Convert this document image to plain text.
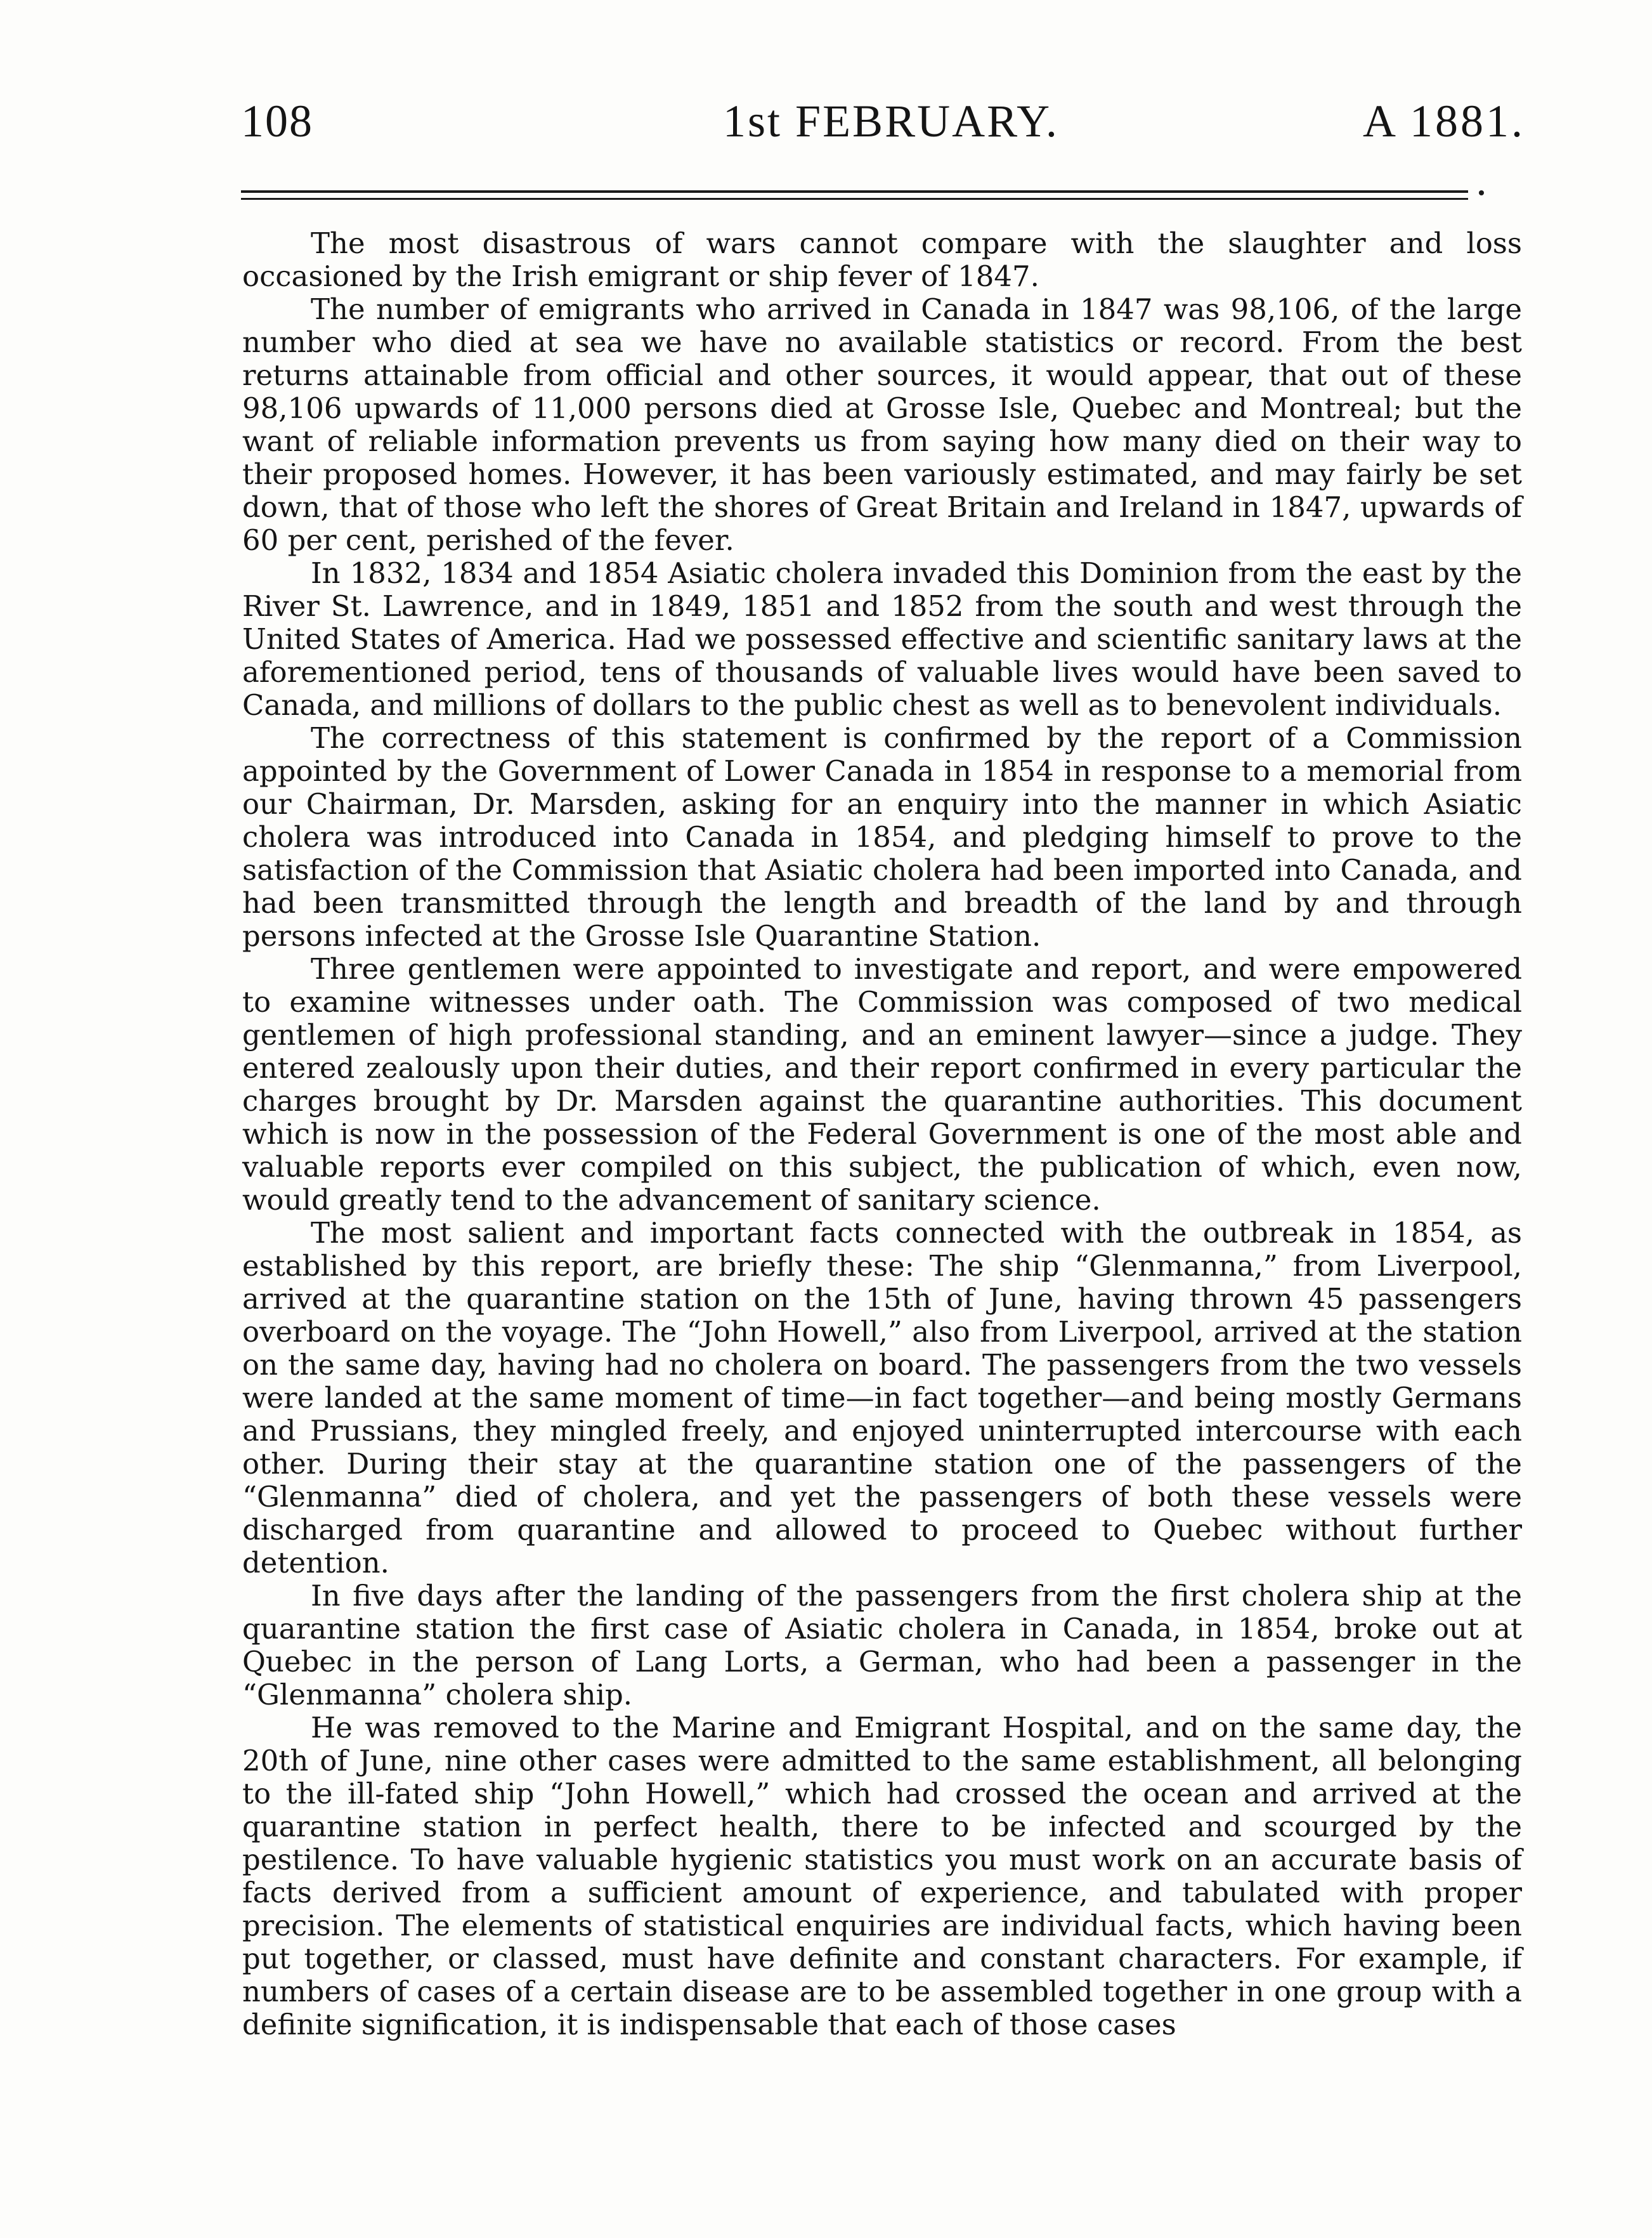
108	1st FEBRUARY.	A 1881.

The most disastrous of wars cannot compare with the slaughter and loss occasioned by the Irish emigrant or ship fever of 1847.

The number of emigrants who arrived in Canada in 1847 was 98,106, of the large number who died at sea we have no available statistics or record. From the best returns attainable from official and other sources, it would appear, that out of these 98,106 upwards of 11,000 persons died at Grosse Isle, Quebec and Montreal; but the want of reliable information prevents us from saying how many died on their way to their proposed homes. However, it has been variously estimated, and may fairly be set down, that of those who left the shores of Great Britain and Ireland in 1847, upwards of 60 per cent, perished of the fever.

In 1832, 1834 and 1854 Asiatic cholera invaded this Dominion from the east by the River St. Lawrence, and in 1849, 1851 and 1852 from the south and west through the United States of America. Had we possessed effective and scientific sanitary laws at the aforementioned period, tens of thousands of valuable lives would have been saved to Canada, and millions of dollars to the public chest as well as to benevolent individuals.

The correctness of this statement is confirmed by the report of a Commission appointed by the Government of Lower Canada in 1854 in response to a memorial from our Chairman, Dr. Marsden, asking for an enquiry into the manner in which Asiatic cholera was introduced into Canada in 1854, and pledging himself to prove to the satisfaction of the Commission that Asiatic cholera had been imported into Canada, and had been transmitted through the length and breadth of the land by and through persons infected at the Grosse Isle Quarantine Station.

Three gentlemen were appointed to investigate and report, and were empowered to examine witnesses under oath. The Commission was composed of two medical gentlemen of high professional standing, and an eminent lawyer—since a judge. They entered zealously upon their duties, and their report confirmed in every particular the charges brought by Dr. Marsden against the quarantine authorities. This document which is now in the possession of the Federal Government is one of the most able and valuable reports ever compiled on this subject, the publication of which, even now, would greatly tend to the advancement of sanitary science.

The most salient and important facts connected with the outbreak in 1854, as established by this report, are briefly these: The ship “Glenmanna,” from Liverpool, arrived at the quarantine station on the 15th of June, having thrown 45 passengers overboard on the voyage. The “John Howell,” also from Liverpool, arrived at the station on the same day, having had no cholera on board. The passengers from the two vessels were landed at the same moment of time—in fact together—and being mostly Germans and Prussians, they mingled freely, and enjoyed uninterrupted intercourse with each other. During their stay at the quarantine station one of the passengers of the “Glenmanna” died of cholera, and yet the passengers of both these vessels were discharged from quarantine and allowed to proceed to Quebec without further detention.

In five days after the landing of the passengers from the first cholera ship at the quarantine station the first case of Asiatic cholera in Canada, in 1854, broke out at Quebec in the person of Lang Lorts, a German, who had been a passenger in the “Glenmanna” cholera ship.

He was removed to the Marine and Emigrant Hospital, and on the same day, the 20th of June, nine other cases were admitted to the same establishment, all belonging to the ill-fated ship “John Howell,” which had crossed the ocean and arrived at the quarantine station in perfect health, there to be infected and scourged by the pestilence. To have valuable hygienic statistics you must work on an accurate basis of facts derived from a sufficient amount of experience, and tabulated with proper precision. The elements of statistical enquiries are individual facts, which having been put together, or classed, must have definite and constant characters. For example, if numbers of cases of a certain disease are to be assembled together in one group with a definite signification, it is indispensable that each of those cases
